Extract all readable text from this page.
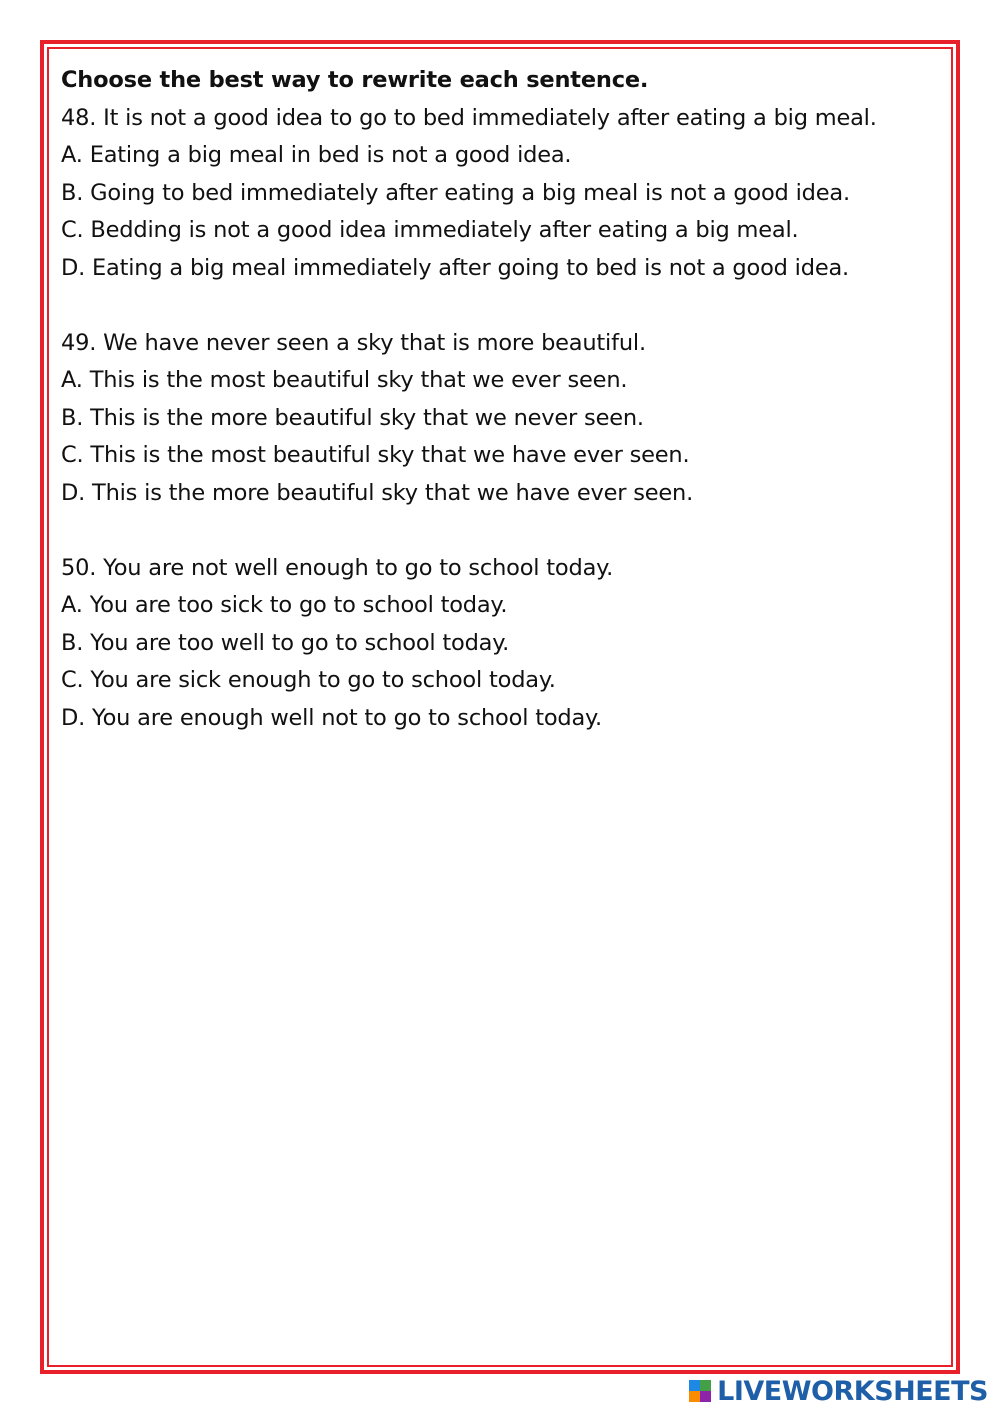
Choose the best way to rewrite each sentence.

48. It is not a good idea to go to bed immediately after eating a big meal.

A. Eating a big meal in bed is not a good idea.

B. Going to bed immediately after eating a big meal is not a good idea.

C. Bedding is not a good idea immediately after eating a big meal.

D. Eating a big meal immediately after going to bed is not a good idea.

49. We have never seen a sky that is more beautiful.

A. This is the most beautiful sky that we ever seen.

B. This is the more beautiful sky that we never seen.

C. This is the most beautiful sky that we have ever seen.

D. This is the more beautiful sky that we have ever seen.

50. You are not well enough to go to school today.

A. You are too sick to go to school today.

B. You are too well to go to school today.

C. You are sick enough to go to school today.

D. You are enough well not to go to school today.

LIVEWORKSHEETS
